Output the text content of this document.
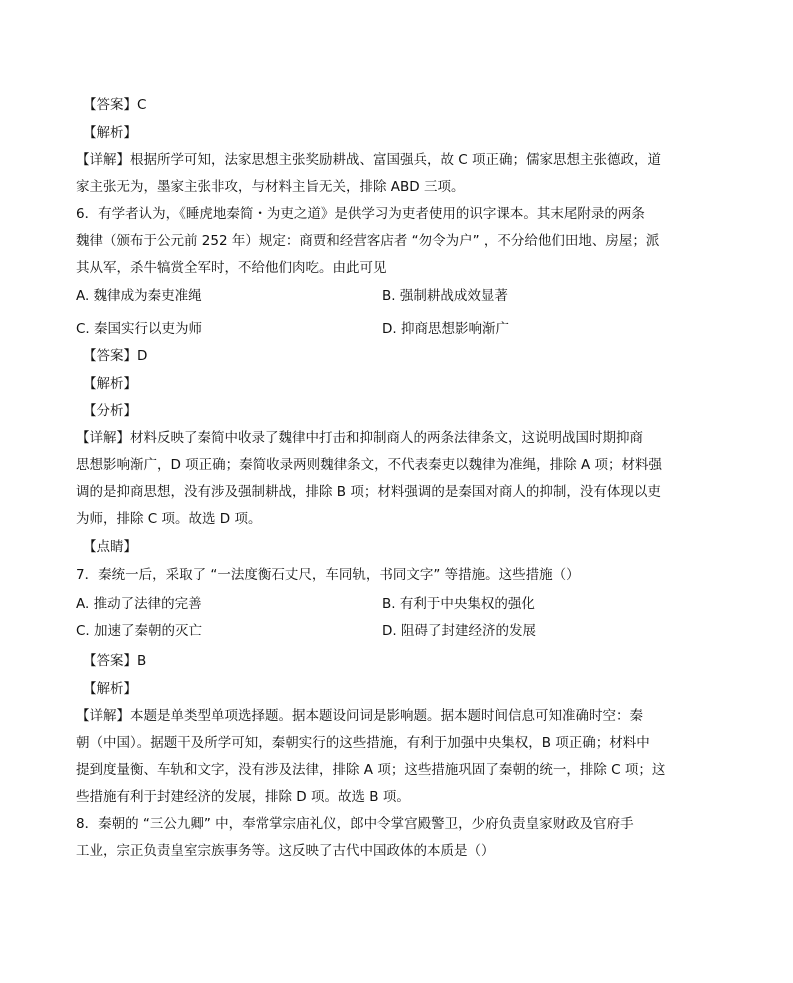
【答案】C
【解析】
【详解】根据所学可知，法家思想主张奖励耕战、富国强兵，故 C 项正确；儒家思想主张德政，道
家主张无为，墨家主张非攻，与材料主旨无关，排除 ABD 三项。
6．有学者认为，《睡虎地秦简・为吏之道》是供学习为吏者使用的识字课本。其末尾附录的两条
魏律（颁布于公元前 252 年）规定：商贾和经营客店者 “勿令为户” ，不分给他们田地、房屋；派
其从军，杀牛犒赏全军时，不给他们肉吃。由此可见
A. 魏律成为秦吏准绳	B. 强制耕战成效显著
C. 秦国实行以吏为师	D. 抑商思想影响渐广
【答案】D
【解析】
【分析】
【详解】材料反映了秦简中收录了魏律中打击和抑制商人的两条法律条文，这说明战国时期抑商
思想影响渐广，D 项正确；秦简收录两则魏律条文，不代表秦吏以魏律为准绳，排除 A 项；材料强
调的是抑商思想，没有涉及强制耕战，排除 B 项；材料强调的是秦国对商人的抑制，没有体现以吏
为师，排除 C 项。故选 D 项。
【点睛】
7．秦统一后，采取了 “一法度衡石丈尺，车同轨，书同文字” 等措施。这些措施（）
A. 推动了法律的完善	B. 有利于中央集权的强化
C. 加速了秦朝的灭亡	D. 阻碍了封建经济的发展
【答案】B
【解析】
【详解】本题是单类型单项选择题。据本题设问词是影响题。据本题时间信息可知准确时空：秦
朝（中国）。据题干及所学可知，秦朝实行的这些措施，有利于加强中央集权，B 项正确；材料中
提到度量衡、车轨和文字，没有涉及法律，排除 A 项；这些措施巩固了秦朝的统一，排除 C 项；这
些措施有利于封建经济的发展，排除 D 项。故选 B 项。
8．秦朝的 “三公九卿” 中，奉常掌宗庙礼仪，郎中令掌宫殿警卫，少府负责皇家财政及官府手
工业，宗正负责皇室宗族事务等。这反映了古代中国政体的本质是（）
